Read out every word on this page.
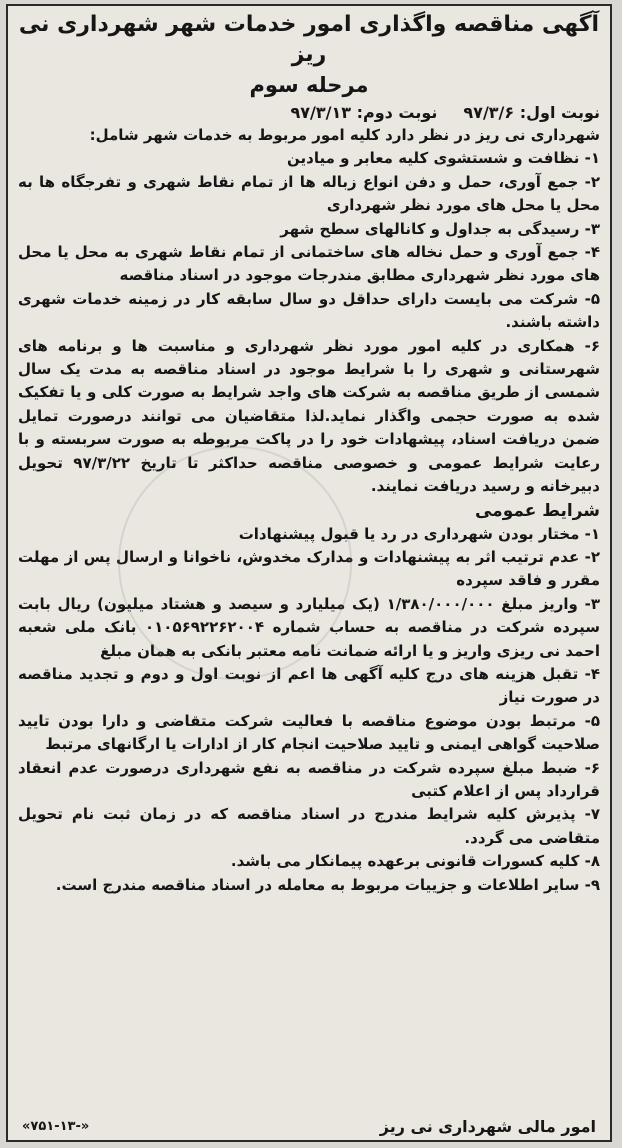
آگهی مناقصه واگذاری امور خدمات شهر شهرداری نی ریز
مرحله سوم
نوبت اول: ۹۷/۳/۶
نوبت دوم: ۹۷/۳/۱۳

شهرداری نی ریز در نظر دارد کلیه امور مربوط به خدمات شهر شامل:

۱- نظافت و شستشوی کلیه معابر و میادین

۲- جمع آوری، حمل و دفن انواع زباله ها از تمام نقاط شهری و تفرجگاه ها به محل یا محل های مورد نظر شهرداری

۳- رسیدگی به جداول و کانالهای سطح شهر

۴- جمع آوری و حمل نخاله های ساختمانی از تمام نقاط شهری به محل یا محل های مورد نظر شهرداری مطابق مندرجات موجود در اسناد مناقصه

۵- شرکت می بایست دارای حداقل دو سال سابقه کار در زمینه خدمات شهری داشته باشند.

۶- همکاری در کلیه امور مورد نظر شهرداری و مناسبت ها و برنامه های شهرستانی و شهری را با شرایط موجود در اسناد مناقصه به مدت یک سال شمسی از طریق مناقصه به شرکت های واجد شرایط به صورت کلی و یا تفکیک شده به صورت حجمی واگذار نماید.لذا متقاضیان می توانند درصورت تمایل ضمن دریافت اسناد، پیشهادات خود را در پاکت مربوطه به صورت سربسته و با رعایت شرایط عمومی و خصوصی مناقصه حداکثر تا تاریخ ۹۷/۳/۲۲ تحویل دبیرخانه و رسید دریافت نمایند.

شرایط عمومی

۱- مختار بودن شهرداری در رد یا قبول پیشنهادات

۲- عدم ترتیب اثر به پیشنهادات و مدارک مخدوش، ناخوانا و ارسال پس از مهلت مقرر و فاقد سپرده

۳- واریز مبلغ ۱/۳۸۰/۰۰۰/۰۰۰ (یک میلیارد و سیصد و هشتاد میلیون) ریال بابت سپرده شرکت در مناقصه به حساب شماره ۰۱۰۵۶۹۲۲۶۲۰۰۴ بانک ملی شعبه احمد نی ریزی واریز و یا ارائه ضمانت نامه معتبر بانکی به همان مبلغ

۴- تقبل هزینه های درج کلیه آگهی ها اعم از نوبت اول و دوم و تجدید مناقصه در صورت نیاز

۵- مرتبط بودن موضوع مناقصه با فعالیت شرکت متقاضی و دارا بودن تایید صلاحیت گواهی ایمنی و تایید صلاحیت انجام کار از ادارات یا ارگانهای مرتبط

۶- ضبط مبلغ سپرده شرکت در مناقصه به نفع شهرداری درصورت عدم انعقاد قرارداد پس از اعلام کتبی

۷- پذیرش کلیه شرایط مندرج در اسناد مناقصه که در زمان ثبت نام تحویل متقاضی می گردد.

۸- کلیه کسورات قانونی برعهده پیمانکار می باشد.

۹- سایر اطلاعات و جزییات مربوط به معامله در اسناد مناقصه مندرج است.

امور مالی شهرداری نی ریز
«۷۵۱-۱۳-»
